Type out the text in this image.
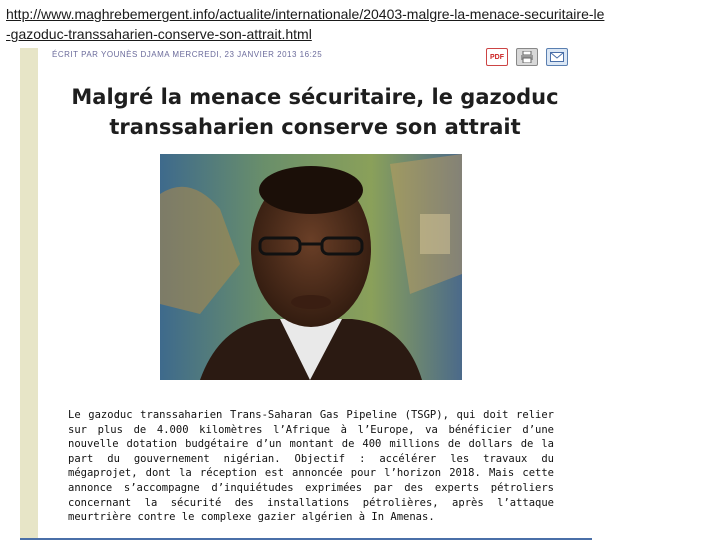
http://www.maghrebemergent.info/actualite/internationale/20403-malgre-la-menace-securitaire-le-gazoduc-transsaharien-conserve-son-attrait.html
ÉCRIT PAR YOUNÈS DJAMA MERCREDI, 23 JANVIER 2013 16:25	PDF
Malgré la menace sécuritaire, le gazoduc transsaharien conserve son attrait
Le gazoduc transsaharien Trans-Saharan Gas Pipeline (TSGP), qui doit relier sur plus de 4.000 kilomètres l’Afrique à l’Europe, va bénéficier d’une nouvelle dotation budgétaire d’un montant de 400 millions de dollars de la part du gouvernement nigérian. Objectif : accélérer les travaux du mégaprojet, dont la réception est annoncée pour l’horizon 2018. Mais cette annonce s’accompagne d’inquiétudes exprimées par des experts pétroliers concernant la sécurité des installations pétrolières, après l’attaque meurtrière contre le complexe gazier algérien à In Amenas.
